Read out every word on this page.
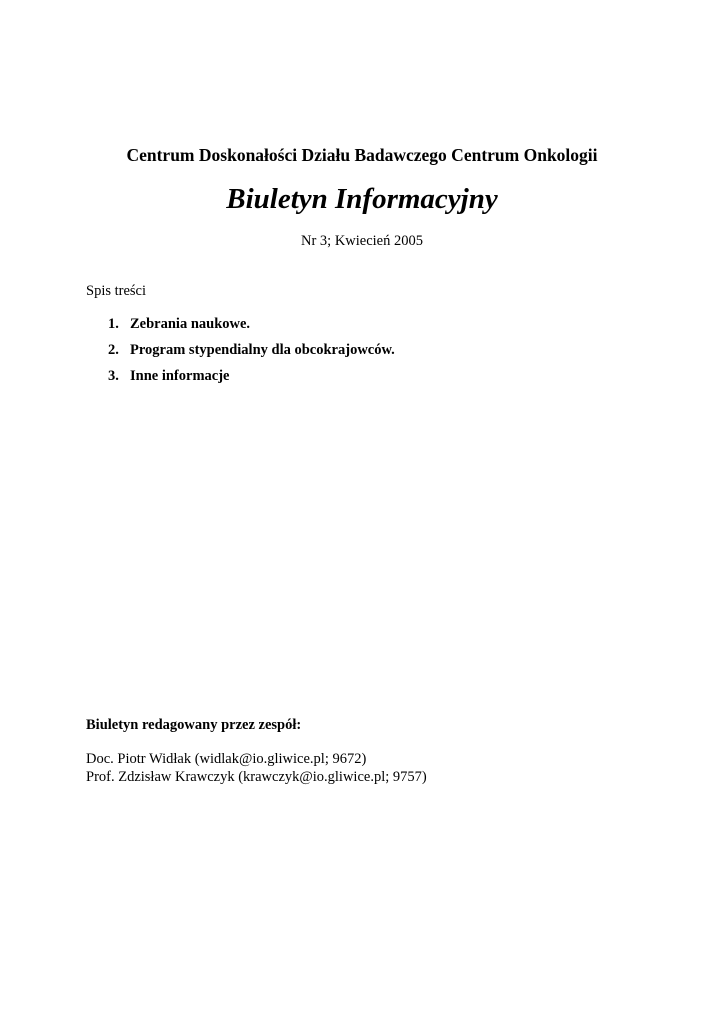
Centrum Doskonałości Działu Badawczego Centrum Onkologii
Biuletyn Informacyjny
Nr 3; Kwiecień 2005
Spis treści
1. Zebrania naukowe.
2. Program stypendialny dla obcokrajowców.
3. Inne informacje
Biuletyn redagowany przez zespół:
Doc. Piotr Widłak (widlak@io.gliwice.pl; 9672)
Prof. Zdzisław Krawczyk (krawczyk@io.gliwice.pl; 9757)
